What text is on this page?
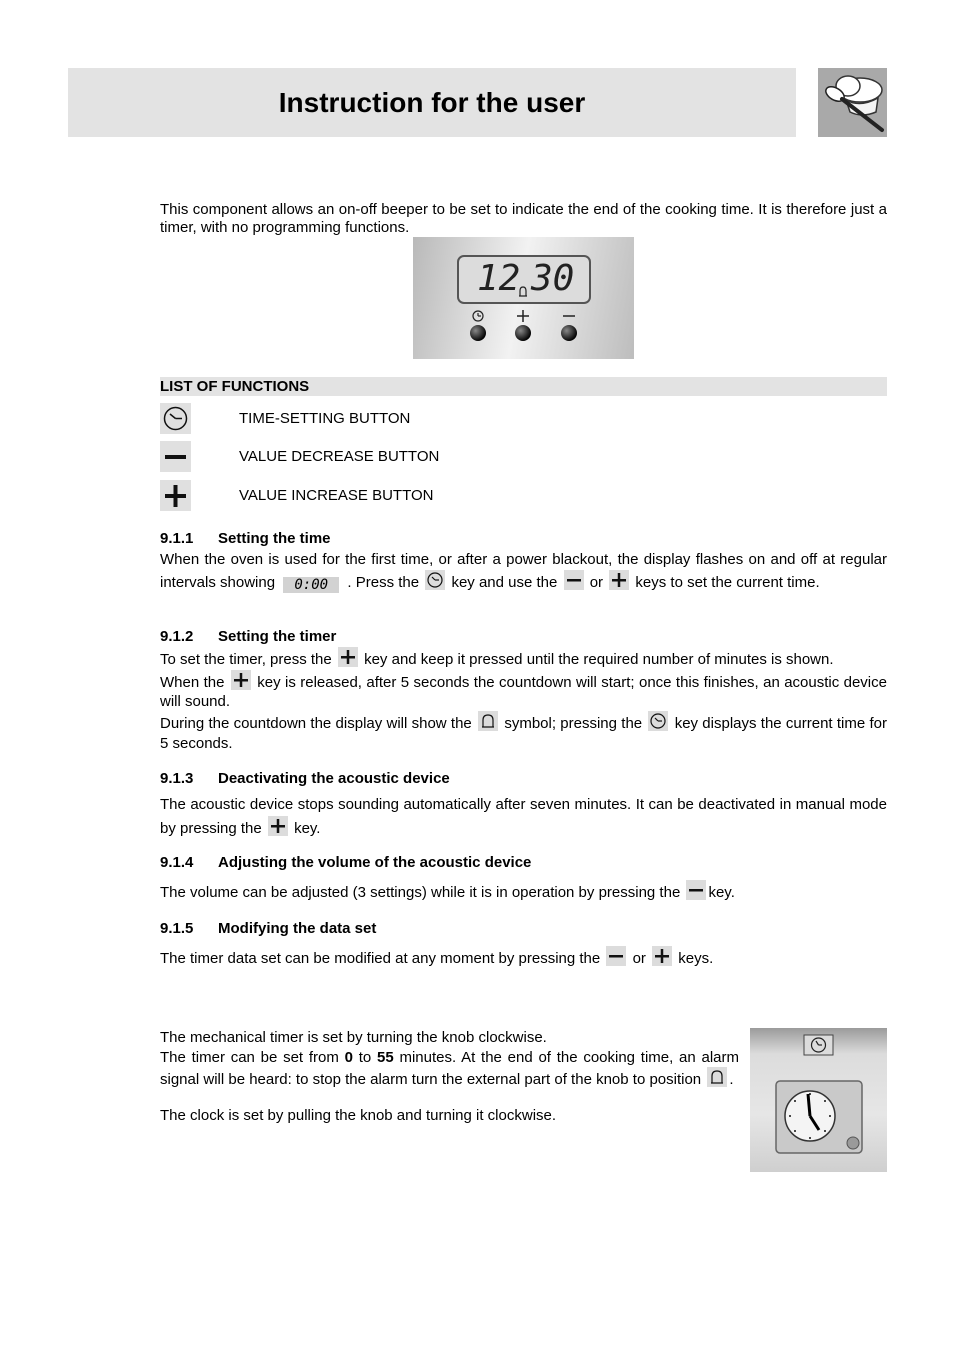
Instruction for the user
This component allows an on-off beeper to be set to indicate the end of the cooking time. It is therefore just a timer, with no programming functions.
12 30
LIST OF FUNCTIONS
TIME-SETTING BUTTON
VALUE DECREASE BUTTON
VALUE INCREASE BUTTON
9.1.1 Setting the time
When the oven is used for the first time, or after a power blackout, the display flashes on and off at regular intervals showing 0:00 . Press the key and use the or keys to set the current time.
9.1.2 Setting the timer
To set the timer, press the key and keep it pressed until the required number of minutes is shown.
When the key is released, after 5 seconds the countdown will start; once this finishes, an acoustic device will sound.
During the countdown the display will show the symbol; pressing the key displays the current time for 5 seconds.
9.1.3 Deactivating the acoustic device
The acoustic device stops sounding automatically after seven minutes. It can be deactivated in manual mode by pressing the key.
9.1.4 Adjusting the volume of the acoustic device
The volume can be adjusted (3 settings) while it is in operation by pressing the key.
9.1.5 Modifying the data set
The timer data set can be modified at any moment by pressing the or keys.
The mechanical timer is set by turning the knob clockwise.
The timer can be set from 0 to 55 minutes. At the end of the cooking time, an alarm signal will be heard: to stop the alarm turn the external part of the knob to position .
The clock is set by pulling the knob and turning it clockwise.
